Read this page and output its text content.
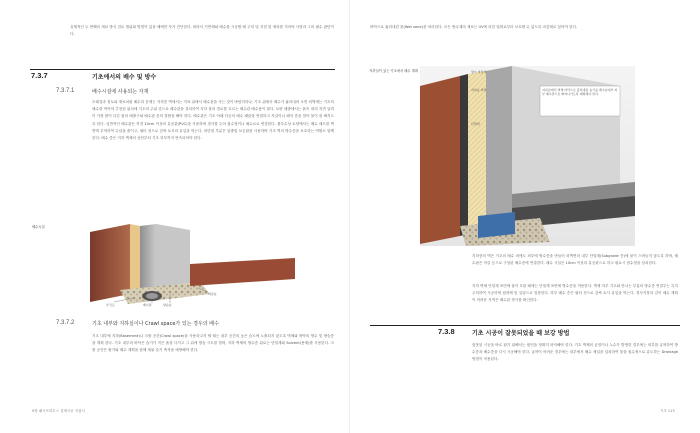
유체적인 두 번째의 재료 방식 검토 범위와 방법이 있을 때에만 자가 진단한다. 따라서 기반체와 배수를 시공할 때 주의 및 지침 및 예외를 지켜야 사항과 그의 필수 판단이다.
7.3.7	기초에서의 배수 및 방수
7.3.7.1	배수시설에 사용되는 자재
모래질과 점토와 재료처럼 배수의 문제는 지하층 벽에서는 지표 위에서 배수관을 사는 것이 바람직하나, 기초 위에서 배수가 흘러내려 오면 외벽에는 기초의 배수를 막아야 추천된 위치에 기초의 주위 앞으로 배수관을 설치하여 지하 물의 경로를 흐르는 배수관 배수용이 많다. 토양 배출에서는 흙속 내의 지면 압력이 가장 많이 다른 흙의 배출구와 배수관 층의 결합을 해야 한다. 배수관은 기초 아래 다공의 배수 배관을 연결하고 자갈이나 쇄석 층을 깔아 물이 잘 빠지도록 한다. 일반적인 배수관은 직경 10cm 이상의 유공관(PVC)을 사용하며 경사를 두어 집수정이나 배수로로 연결한다. 불투수성 토양에서는 배수 매트를 벽면에 부착하여 수압을 줄이고, 필터 천으로 감싸 토사의 유입을 막는다. 외단열 부분은 압출법 보온판을 사용하며 기초 벽의 방수층을 보호하는 역할도 함께 한다. 배수 층은 지하 벽체의 상단부터 기초 하부까지 연속되어야 한다.
배수시설
부직포	배수판	방습층
자갈층
7.3.7.2	기초 내부와 지하실이나 Crawl space가 있는 경우의 배수
기초 내부에 지하(Basement)나 크롤 공간(Crawl space)을 사용하고자 할 때는 내부 공간의 높은 습도에 노출되지 않도록 벽체와 바닥의 방수 및 방습층을 계획 한다. 기초 내부의 바닥은 습기가 적은 흙을 다지고 그 위에 방습 시트를 깔며, 지하 벽체의 방수층 위로는 단열재와 Solvent(용제)를 사용한다. 크롤 공간은 환기와 배수 계획을 함께 세워 습기 축적을 예방해야 한다.
9장 패시브하우스 설계시공 지침서
바닥으로 흘러내린 물(Wet zone)을 처리한다. 모든 방수재의 재료는 UV에 의한 열화로부터 보호할 수 있도록 마감재로 덮어야 한다.
지하실이 있는 기초에서 배수 계획	방수 마감재
지하층 외벽
단열재
지하실에서 벽체 바닥으로 흘러내린 습기를 배수층에서 외부 배수관으로 빠져나가도록 계획해야 한다.
지하층의 벽은 기초의 배수 외에도 외부에 방수층을 만들어 외벽면의 내부 단열재(Subgrade 층)에 물이 스며들지 않도록 하며, 배수판은 자갈 등으로 구성된 배수층에 연결한다. 배수 시설은 10cm 이상의 유공관으로 하고 필요시 집수정을 설치한다.
지하 벽체 단열재 표면에 물이 흐를 때에는 단열재 표면에 방수층을 적용한다. 벽체 하부 기초와 만나는 부분의 방수층 연결부는 특히 주의하여 시공하며 접착제 및 실링으로 밀봉한다. 하부 배수 층은 필터 천으로 감싸 토사 유입을 막는다. 경사지붕과 같이 배수 계획이 어려운 지역은 배수관 경사를 확인한다.
7.3.8	기초 시공이 잘못되었을 때 보강 방법
잘못된 시공을 바로 잡기 위해서는 원인을 정확히 파악해야 한다. 기초 벽체의 균열이나 누수가 발생한 경우에는 외부를 굴착하여 방수층과 배수층을 다시 시공해야 한다. 굴착이 어려운 경우에는 내부에서 배수 채널을 설치하여 물을 집수정으로 유도하는 Drainage 방법이 적용된다.
기초 113
